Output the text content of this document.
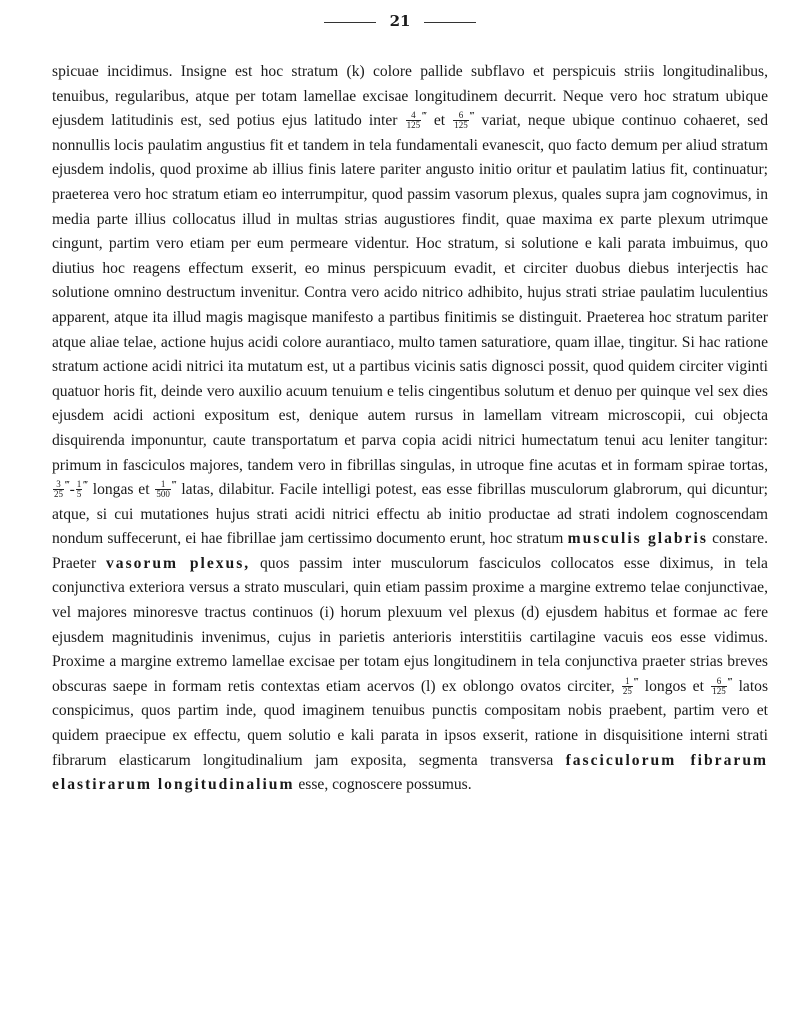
21

spicuae incidimus. Insigne est hoc stratum (k) colore pallide subflavo et perspicuis striis longitudinalibus, tenuibus, regularibus, atque per totam lamellae excisae longitudinem decurrit. Neque vero hoc stratum ubique ejusdem latitudinis est, sed potius ejus latitudo inter $\frac{4}{125} ^‴$ et $\frac{6}{125} ^‴$ variat, neque ubique continuo cohaeret, sed nonnullis locis paulatim angustius fit et tandem in tela fundamentali evanescit, quo facto demum per aliud stratum ejusdem indolis, quod proxime ab illius finis latere pariter angusto initio oritur et paulatim latius fit, continuatur; praeterea vero hoc stratum etiam eo interrumpitur, quod passim vasorum plexus, quales supra jam cognovimus, in media parte illius collocatus illud in multas strias augustiores findit, quae maxima ex parte plexum utrimque cingunt, partim vero etiam per eum permeare videntur. Hoc stratum, si solutione e kali parata imbuimus, quo diutius hoc reagens effectum exserit, eo minus perspicuum evadit, et circiter duobus diebus interjectis hac solutione omnino destructum invenitur. Contra vero acido nitrico adhibito, hujus strati striae paulatim luculentius apparent, atque ita illud magis magisque manifesto a partibus finitimis se distinguit. Praeterea hoc stratum pariter atque aliae telae, actione hujus acidi colore aurantiaco, multo tamen saturatiore, quam illae, tingitur. Si hac ratione stratum actione acidi nitrici ita mutatum est, ut a partibus vicinis satis dignosci possit, quod quidem circiter viginti quatuor horis fit, deinde vero auxilio acuum tenuium e telis cingentibus solutum et denuo per quinque vel sex dies ejusdem acidi actioni expositum est, denique autem rursus in lamellam vitream microscopii, cui objecta disquirenda imponuntur, caute transportatum et parva copia acidi nitrici humectatum tenui acu leniter tangitur: primum in fasciculos majores, tandem vero in fibrillas singulas, in utroque fine acutas et in formam spirae tortas,
$\frac{3}{25} ^‴- \frac{1}{5} ^‴$ longas et $\frac{1}{500} ^‴$ latas, dilabitur. Facile intelligi potest, eas esse fibrillas musculorum glabrorum, qui dicuntur; atque, si cui mutationes hujus strati acidi nitrici effectu ab initio productae ad strati indolem cognoscendam nondum suffecerunt, ei hae fibrillae jam certissimo documento erunt, hoc stratum musculis glabris constare. Praeter vasorum plexus, quos passim inter musculorum fasciculos collocatos esse diximus, in tela conjunctiva exteriora versus a strato musculari, quin etiam passim proxime a margine extremo telae conjunctivae, vel majores minoresve tractus continuos (i) horum plexuum vel plexus (d) ejusdem habitus et formae ac fere ejusdem magnitudinis invenimus, cujus in parietis anterioris interstitiis cartilagine vacuis eos esse vidimus. Proxime a margine extremo lamellae excisae per totam ejus longitudinem in tela conjunctiva praeter strias breves obscuras saepe in formam retis contextas etiam acervos (l) ex oblongo ovatos circiter, $\frac{1}{25} ^‴$ longos et $\frac{6}{125} ^‴$ latos conspicimus, quos partim inde, quod imaginem tenuibus punctis compositam nobis praebent, partim vero et quidem praecipue ex effectu, quem solutio e kali parata in ipsos exserit, ratione in disquisitione interni strati fibrarum elasticarum longitudinalium jam exposita, segmenta transversa fasciculorum fibrarum elastirarum longitudinalium esse, cognoscere possumus.
